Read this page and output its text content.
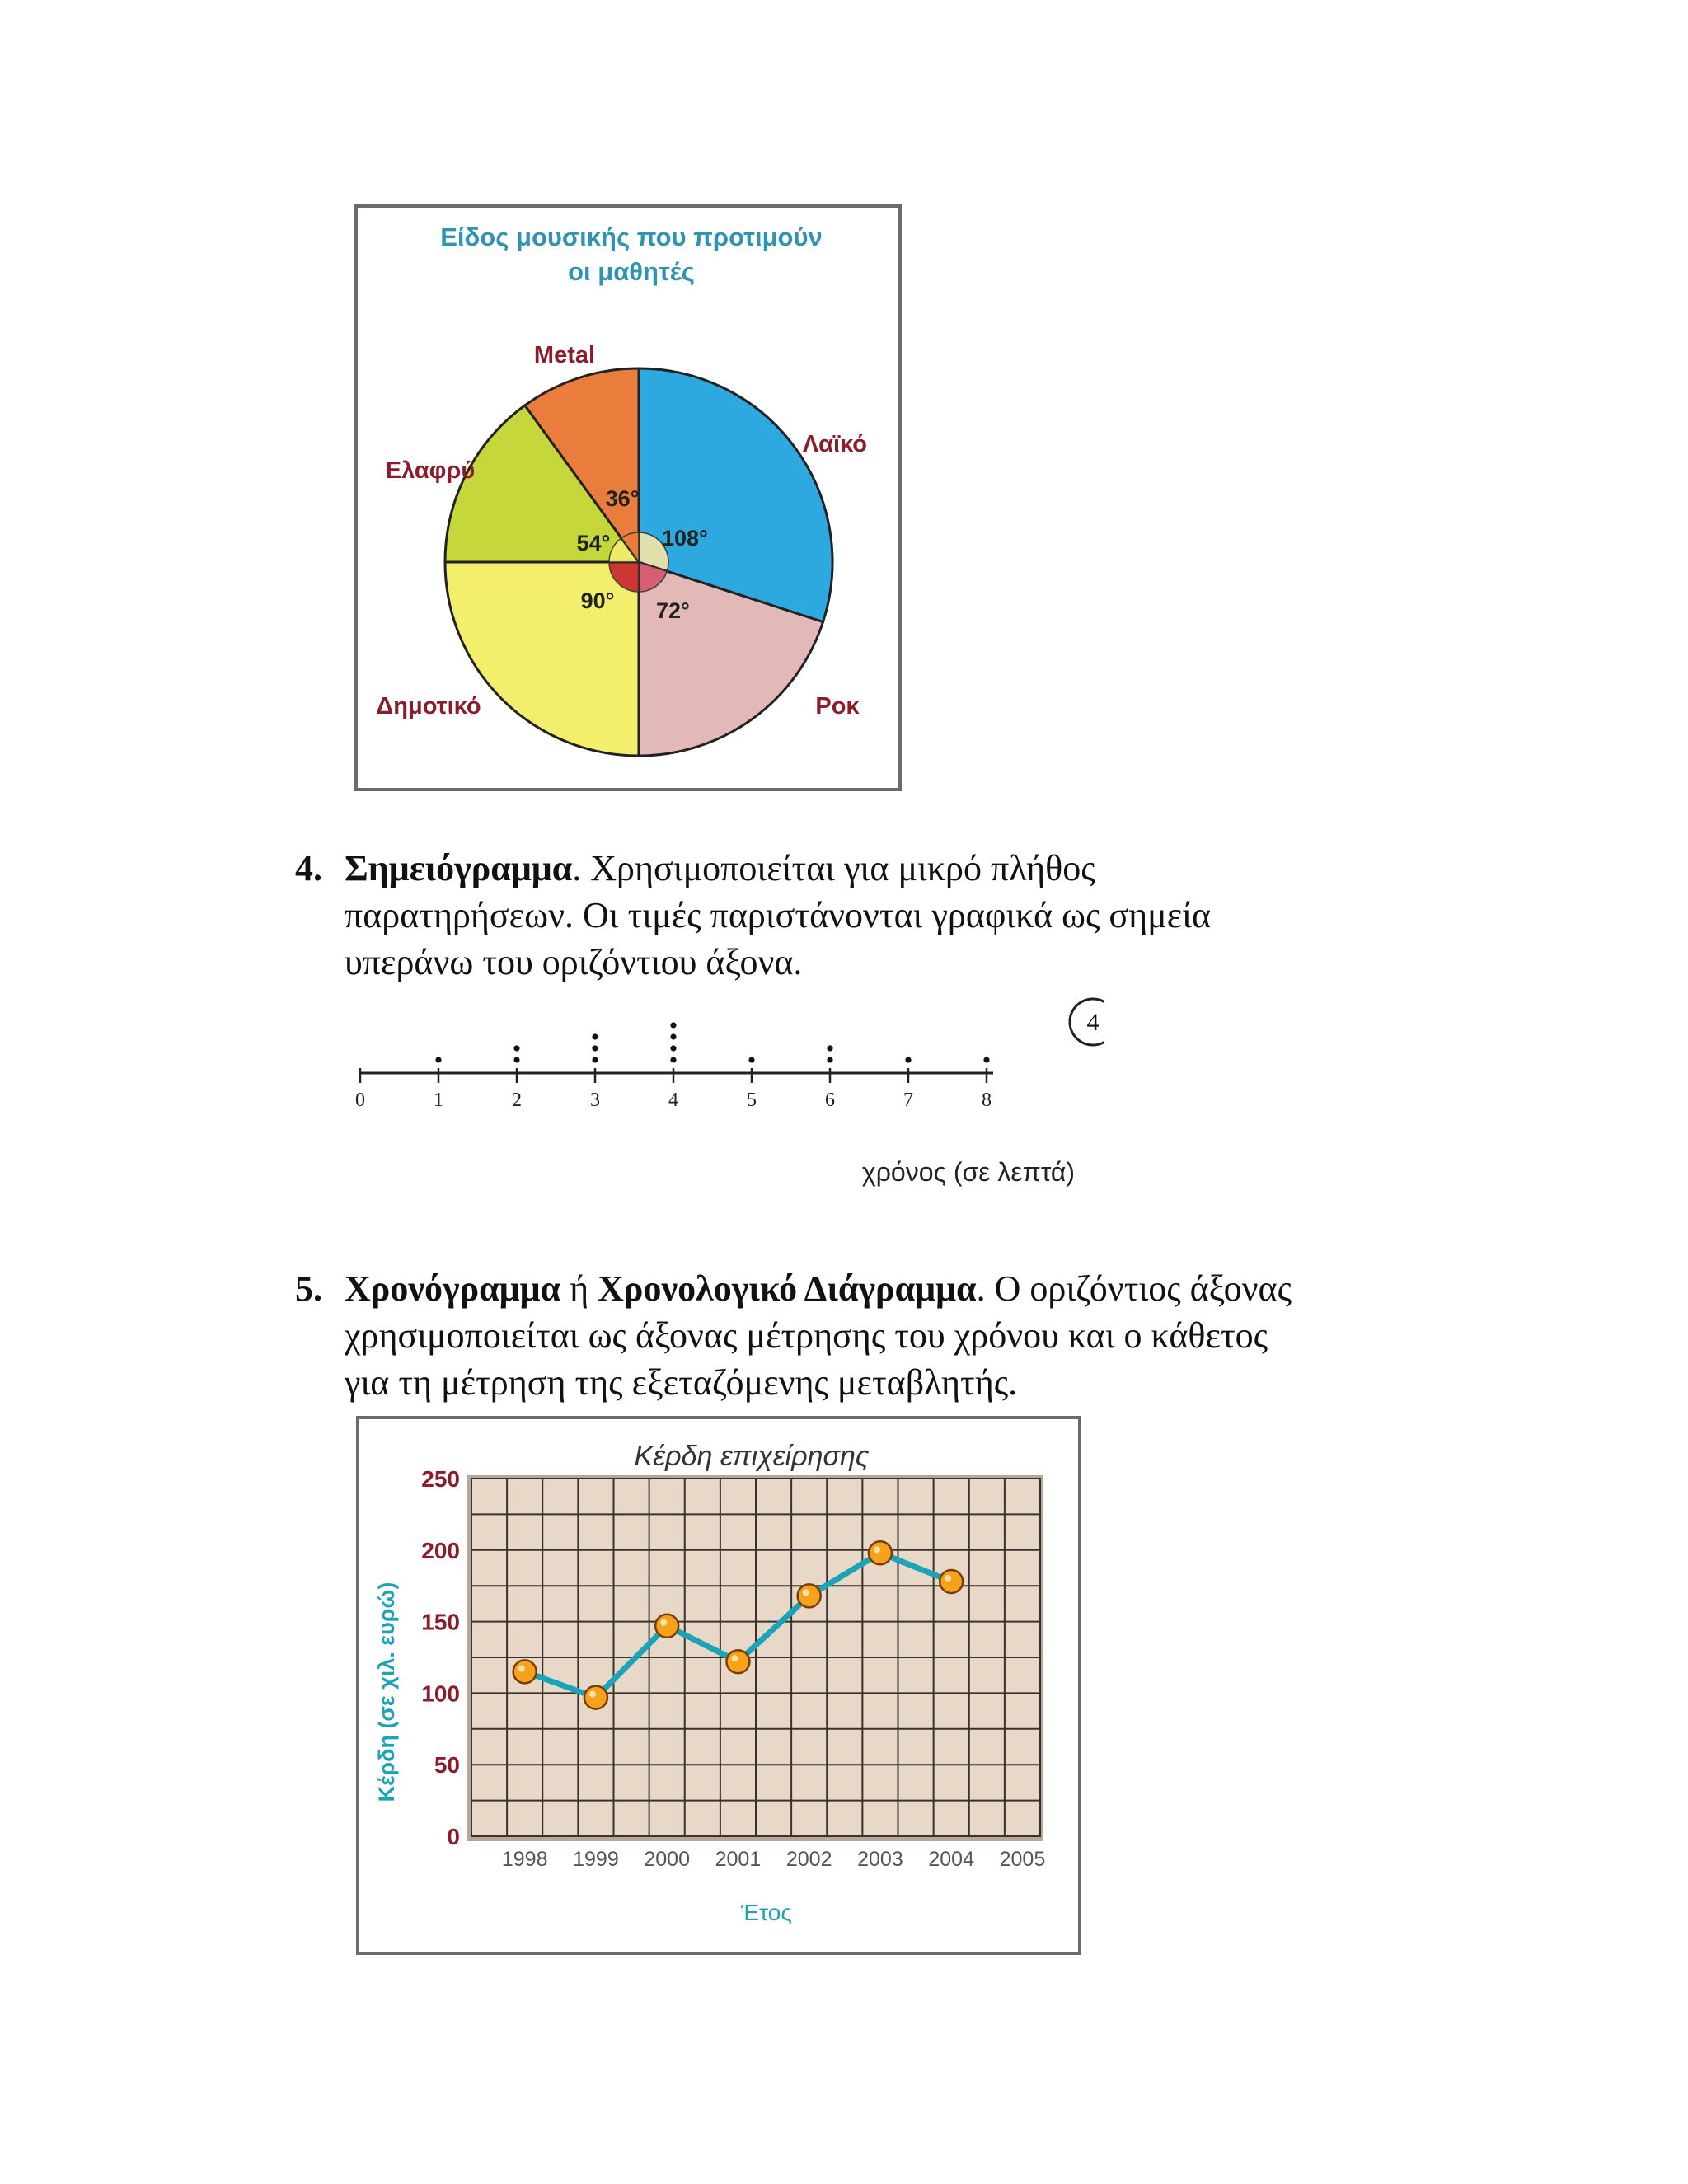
Είδος μουσικής που προτιμούν
οι μαθητές
Λαϊκό
108°
Ροκ
72°
Δημοτικό
90°
Ελαφρύ
54°
Metal
36°
4. Σημειόγραμμα. Χρησιμοποιείται για μικρό πλήθος
παρατηρήσεων. Οι τιμές παριστάνονται γραφικά ως σημεία
υπεράνω του οριζόντιου άξονα.
4
0	1	2	3	4	5	6	7	8
χρόνος (σε λεπτά)
5. Χρονόγραμμα ή Χρονολογικό Διάγραμμα. Ο οριζόντιος άξονας
χρησιμοποιείται ως άξονας μέτρησης του χρόνου και ο κάθετος
για τη μέτρηση της εξεταζόμενης μεταβλητής.
Κέρδη επιχείρησης
0
50
100
150
200
250
1998 1999 2000 2001 2002 2003 2004 2005
Έτος
Κέρδη (σε χιλ. ευρώ)
